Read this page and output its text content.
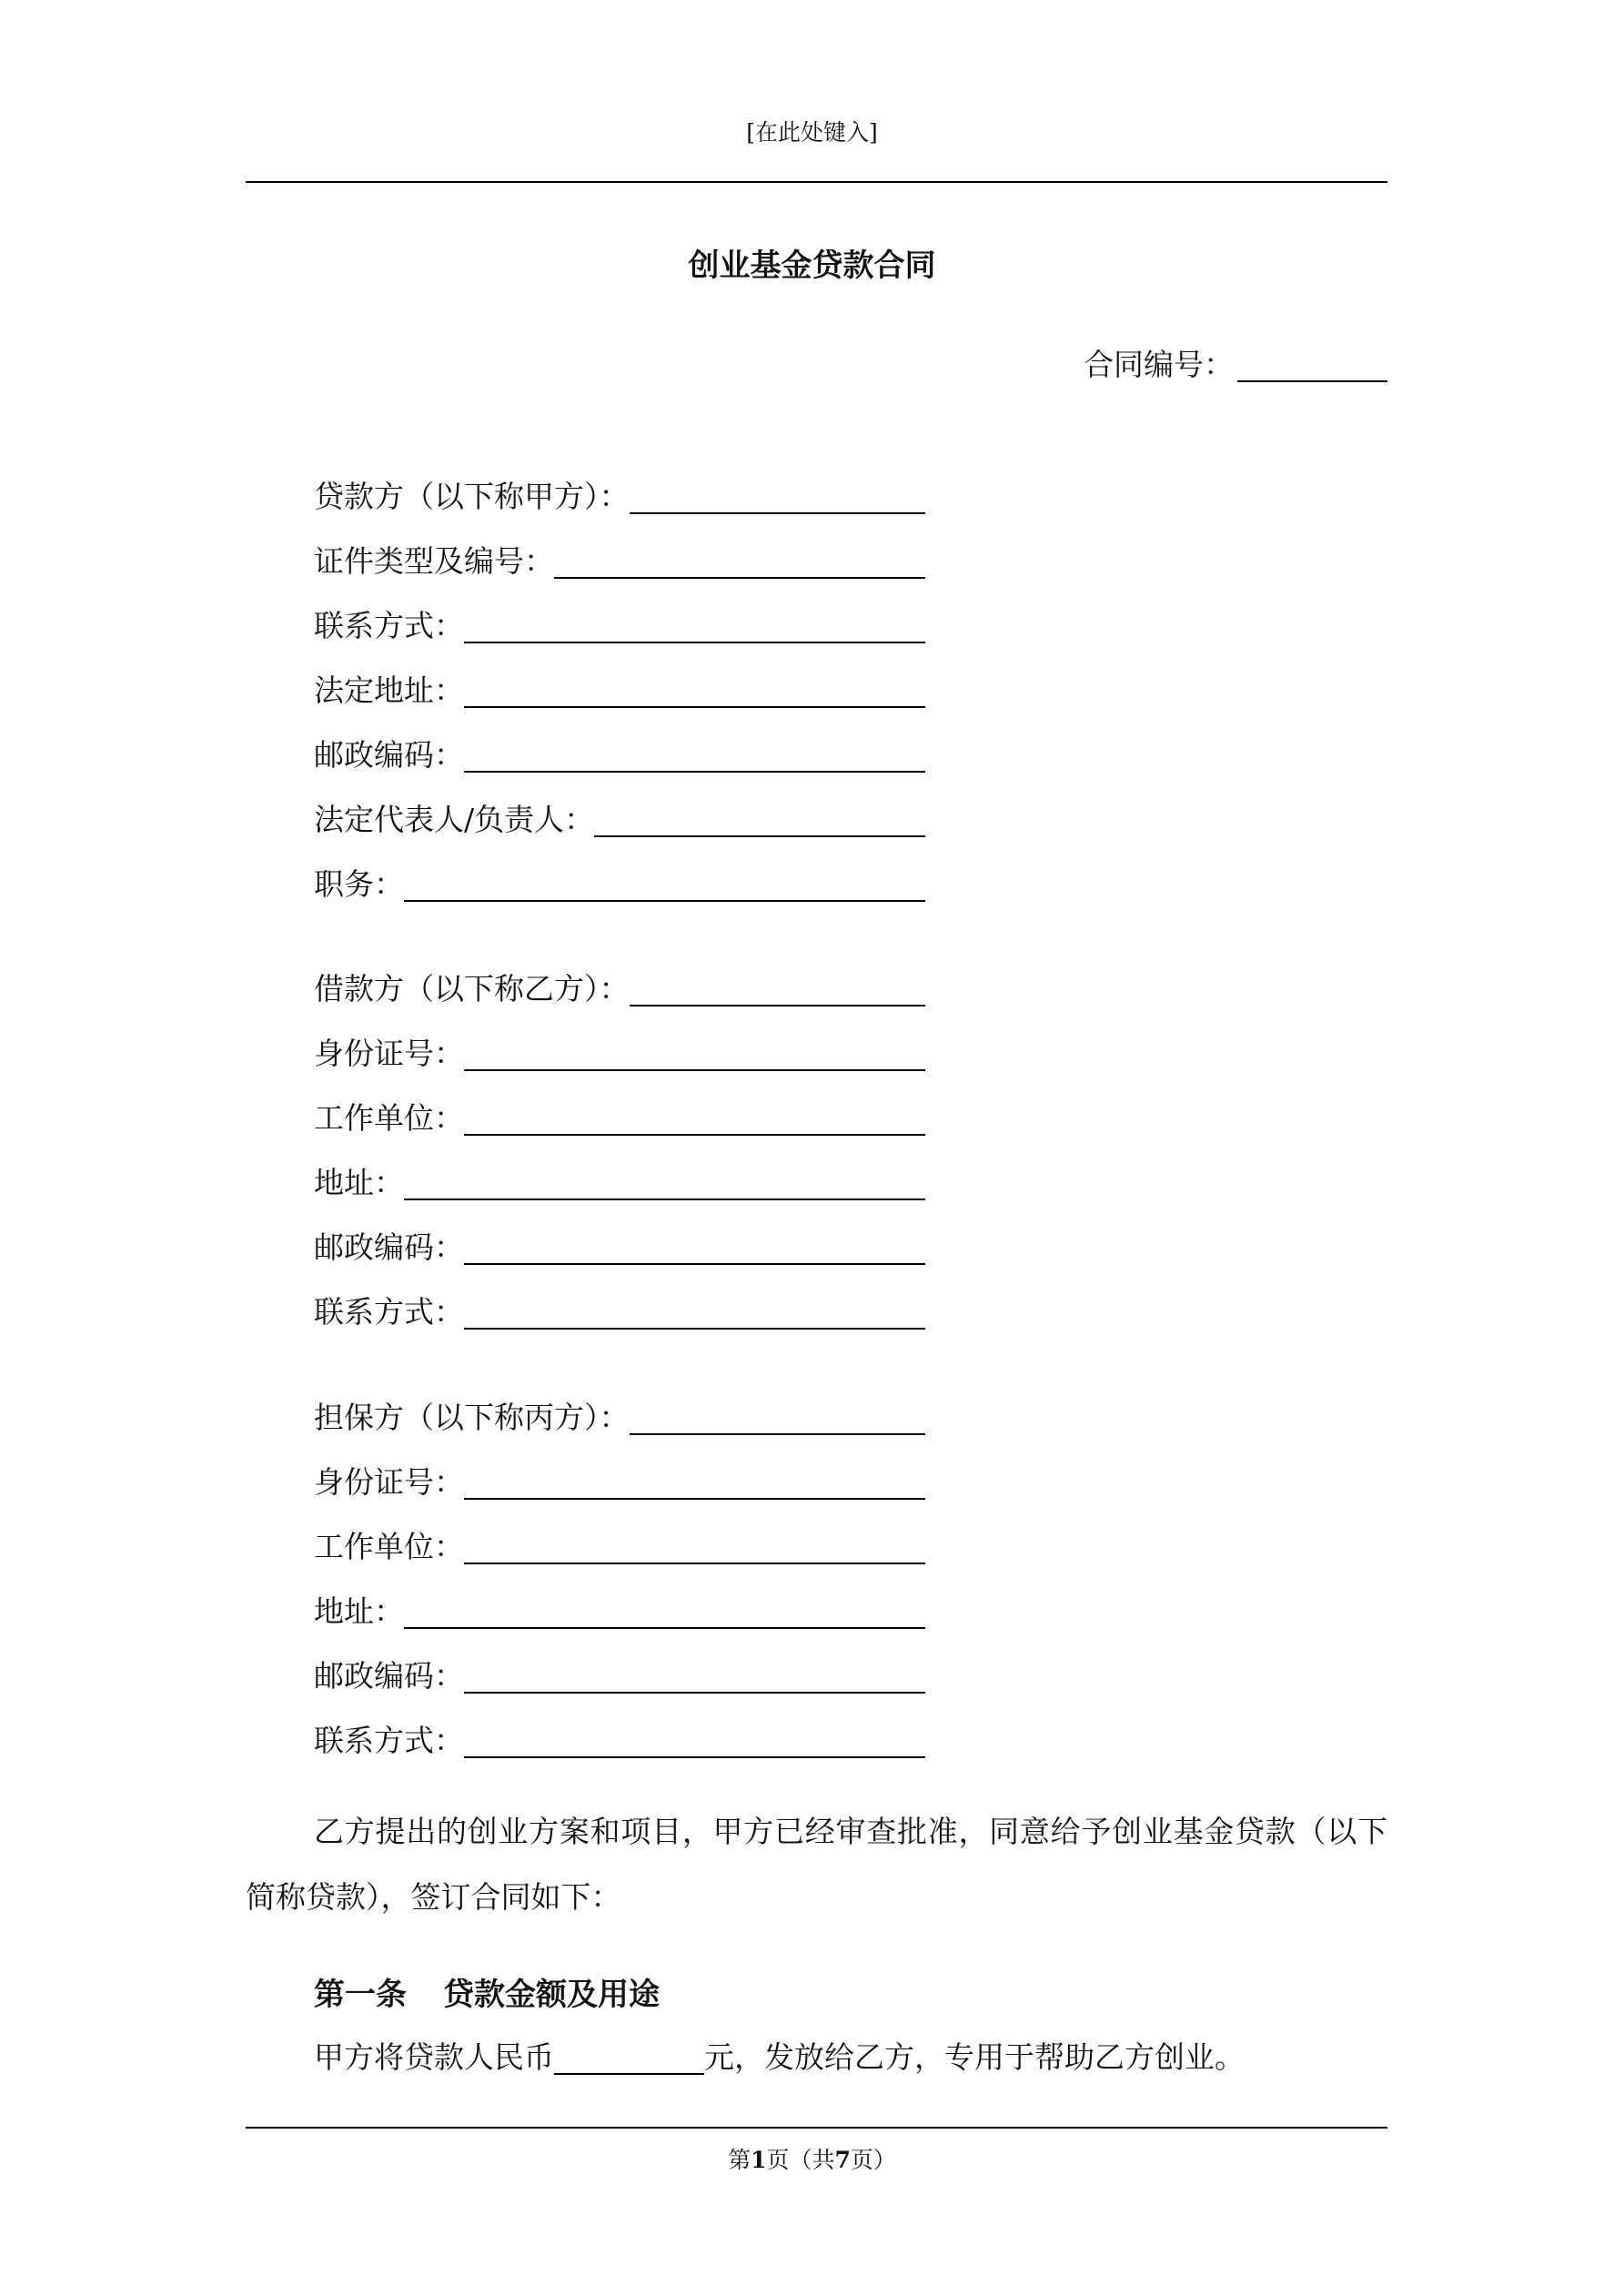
[在此处键入]
创业基金贷款合同
合同编号：
贷款方（以下称甲方）：
证件类型及编号：
联系方式：
法定地址：
邮政编码：
法定代表人/负责人：
职务：
借款方（以下称乙方）：
身份证号：
工作单位：
地址：
邮政编码：
联系方式：
担保方（以下称丙方）：
身份证号：
工作单位：
地址：
邮政编码：
联系方式：

乙方提出的创业方案和项目，甲方已经审查批准，同意给予创业基金贷款（以下简称贷款），签订合同如下：

第一条 贷款金额及用途
甲方将贷款人民币	元，发放给乙方，专用于帮助乙方创业。
第1页（共7页）
